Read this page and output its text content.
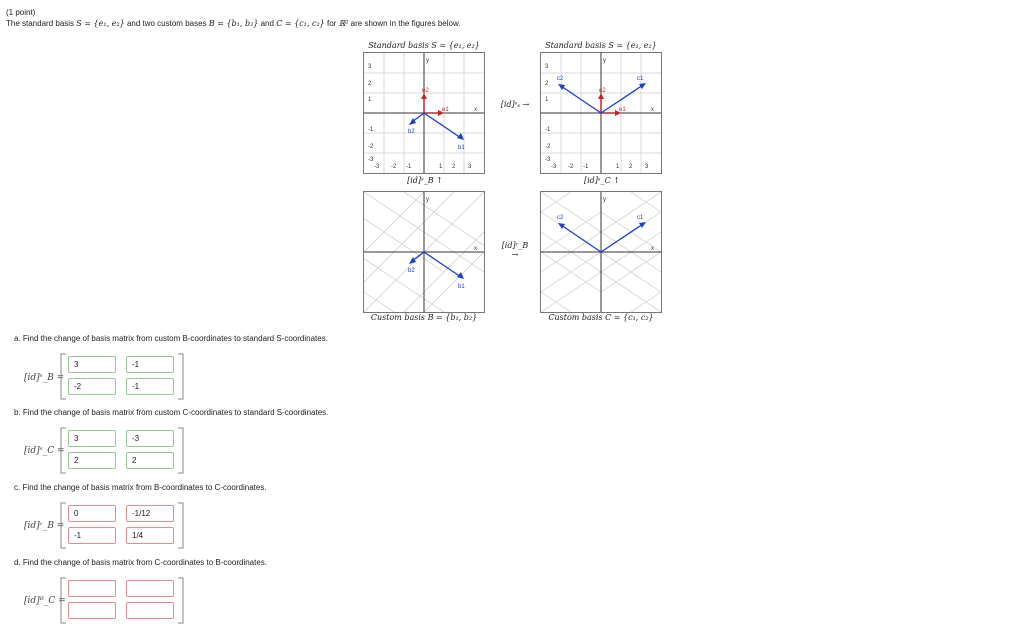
(1 point)
The standard basis S = {e₁, e₂} and two custom bases B = {b₁, b₂} and C = {c₁, c₂} for ℝ² are shown in the figures below.
Standard basis S = {e₁, e₂}	Standard basis S = {e₁, e₂}
Custom basis B = {b₁, b₂}	Custom basis C = {c₁, c₂}
3
2
1
-1
-2
-3
-3 -2 -1	1 2 3
y
x
e1
e2
b1
b2
3
2
1
-1
-2
-3
-3 -2 -1	1 2 3
y
x
e1
e2
c1
c2
y
x
b1
b2
y
x
c1
c2
[id]ˢₛ →
[id]ˢ_B ↑	[id]ˢ_C ↑
[id]ᶜ_B →
a. Find the change of basis matrix from custom B-coordinates to standard S-coordinates.
[id]ˢ_B =
3	-1
-2	-1
b. Find the change of basis matrix from custom C-coordinates to standard S-coordinates.
[id]ˢ_C =
3	-3
2	2
c. Find the change of basis matrix from B-coordinates to C-coordinates.
[id]ᶜ_B =
0	-1/12
-1	1/4
d. Find the change of basis matrix from C-coordinates to B-coordinates.
[id]ᴮ_C =
